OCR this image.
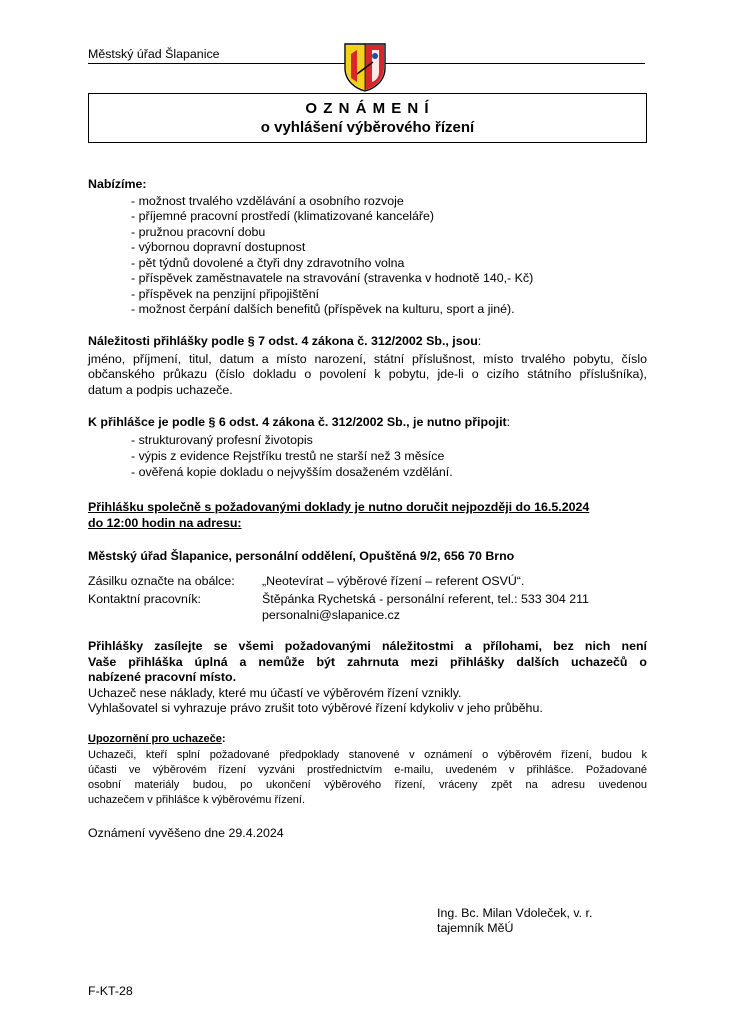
Městský úřad Šlapanice
O Z N Á M E N Í
o vyhlášení výběrového řízení
Nabízíme:
- možnost trvalého vzdělávání a osobního rozvoje
- příjemné pracovní prostředí (klimatizované kanceláře)
- pružnou pracovní dobu
- výbornou dopravní dostupnost
- pět týdnů dovolené a čtyři dny zdravotního volna
- příspěvek zaměstnavatele na stravování (stravenka v hodnotě 140,- Kč)
- příspěvek na penzijní připojištění
- možnost čerpání dalších benefitů (příspěvek na kulturu, sport a jiné).
Náležitosti přihlášky podle § 7 odst. 4 zákona č. 312/2002 Sb., jsou:
jméno, příjmení, titul, datum a místo narození, státní příslušnost, místo trvalého pobytu, číslo
občanského průkazu (číslo dokladu o povolení k pobytu, jde-li o cizího státního příslušníka),
datum a podpis uchazeče.
K přihlášce je podle § 6 odst. 4 zákona č. 312/2002 Sb., je nutno připojit:
- strukturovaný profesní životopis
- výpis z evidence Rejstříku trestů ne starší než 3 měsíce
- ověřená kopie dokladu o nejvyšším dosaženém vzdělání.
Přihlášku společně s požadovanými doklady je nutno doručit nejpozději do 16.5.2024
do 12:00 hodin na adresu:
Městský úřad Šlapanice, personální oddělení, Opuštěná 9/2, 656 70 Brno
Zásilku označte na obálce: „Neotevírat – výběrové řízení – referent OSVÚ“.
Kontaktní pracovník:	Štěpánka Rychetská - personální referent, tel.: 533 304 211
personalni@slapanice.cz
Přihlášky zasílejte se všemi požadovanými náležitostmi a přílohami, bez nich není
Vaše přihláška úplná a nemůže být zahrnuta mezi přihlášky dalších uchazečů o
nabízené pracovní místo.
Uchazeč nese náklady, které mu účastí ve výběrovém řízení vznikly.
Vyhlašovatel si vyhrazuje právo zrušit toto výběrové řízení kdykoliv v jeho průběhu.
Upozornění pro uchazeče:
Uchazeči, kteří splní požadované předpoklady stanovené v oznámení o výběrovém řízení, budou k
účasti ve výběrovém řízení vyzváni prostřednictvím e-mailu, uvedeném v přihlášce. Požadované
osobní materiály budou, po ukončení výběrového řízení, vráceny zpět na adresu uvedenou
uchazečem v přihlášce k výběrovému řízení.
Oznámení vyvěšeno dne 29.4.2024
Ing. Bc. Milan Vdoleček, v. r.
tajemník MěÚ
F-KT-28
